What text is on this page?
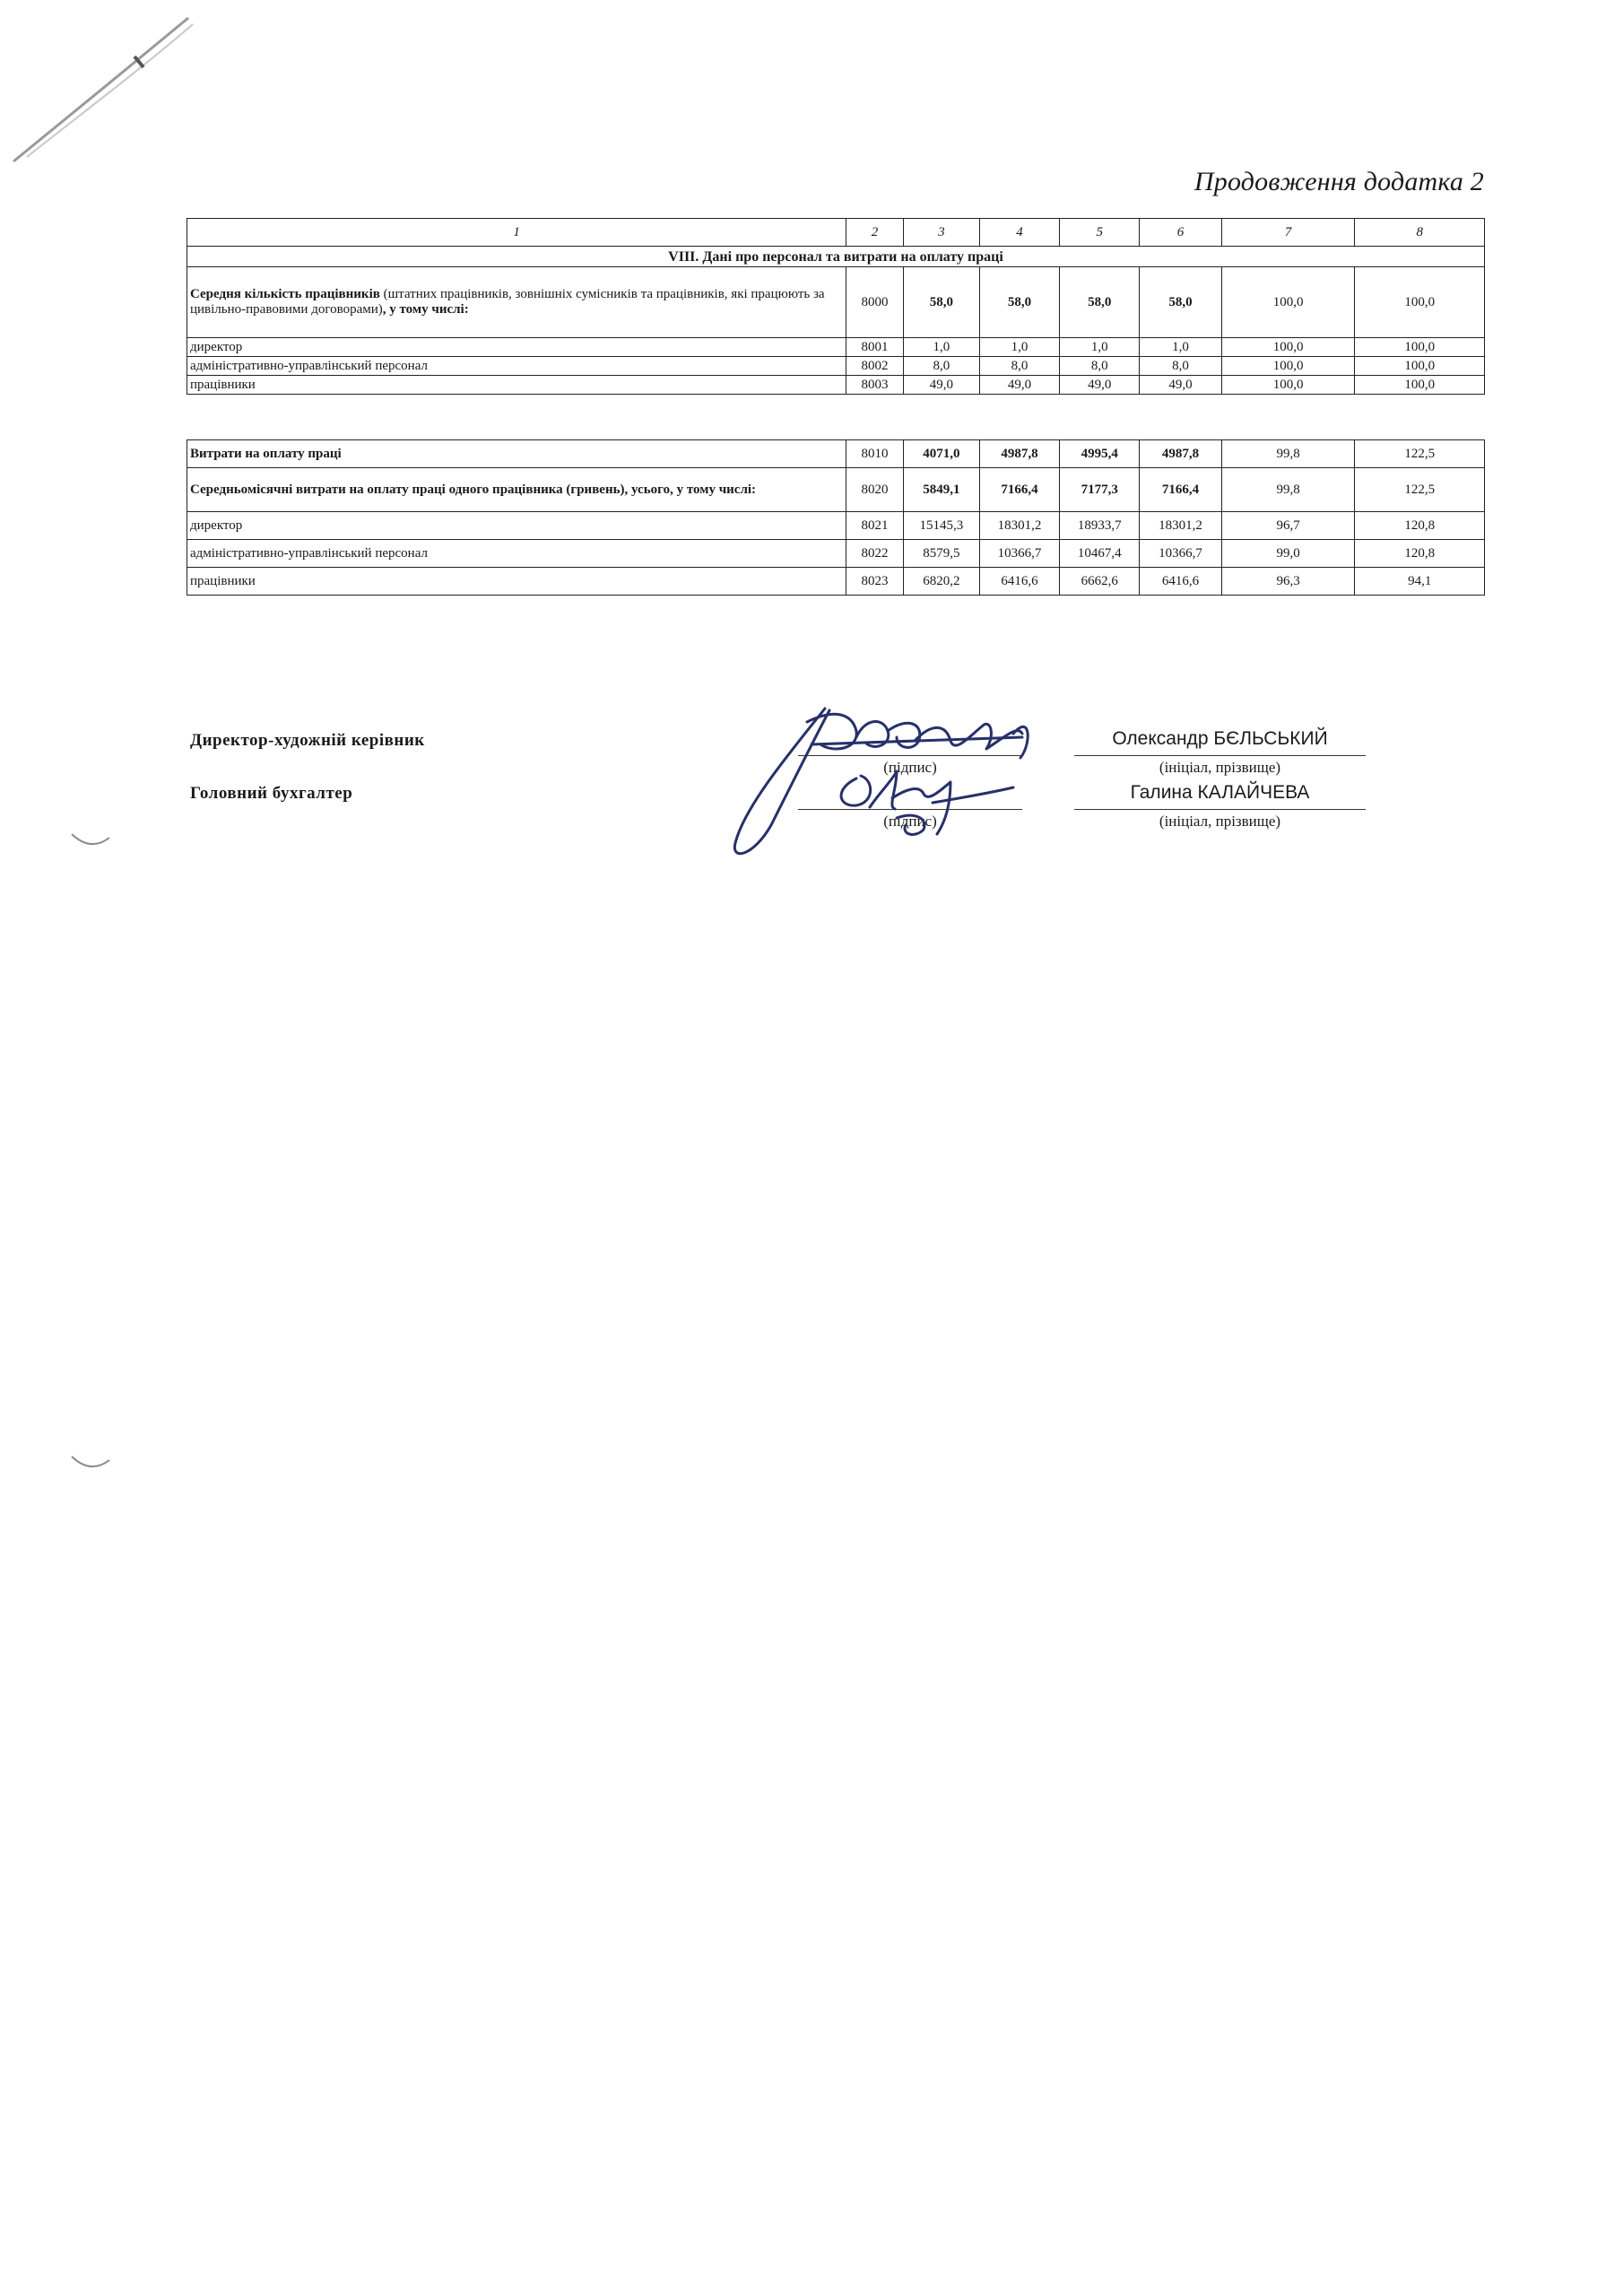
Продовження додатка 2
1	2	3	4	5	6	7	8
VIII. Дані про персонал та витрати на оплату праці							
Середня кількість працівників (штатних працівників, зовнішніх сумісників та працівників, які працюють за цивільно-правовими договорами), у тому числі:	8000	58,0	58,0	58,0	58,0	100,0	100,0
директор	8001	1,0	1,0	1,0	1,0	100,0	100,0
адміністративно-управлінський персонал	8002	8,0	8,0	8,0	8,0	100,0	100,0
працівники	8003	49,0	49,0	49,0	49,0	100,0	100,0
Витрати на оплату праці	8010	4071,0	4987,8	4995,4	4987,8	99,8	122,5
Середньомісячні витрати на оплату праці одного працівника (гривень), усього, у тому числі:	8020	5849,1	7166,4	7177,3	7166,4	99,8	122,5
директор	8021	15145,3	18301,2	18933,7	18301,2	96,7	120,8
адміністративно-управлінський персонал	8022	8579,5	10366,7	10467,4	10366,7	99,0	120,8
працівники	8023	6820,2	6416,6	6662,6	6416,6	96,3	94,1
Директор-художній керівник
(підпис)
Олександр БЄЛЬСЬКИЙ
(ініціал, прізвище)
Головний бухгалтер
(підпис)
Галина КАЛАЙЧЕВА
(ініціал, прізвище)
